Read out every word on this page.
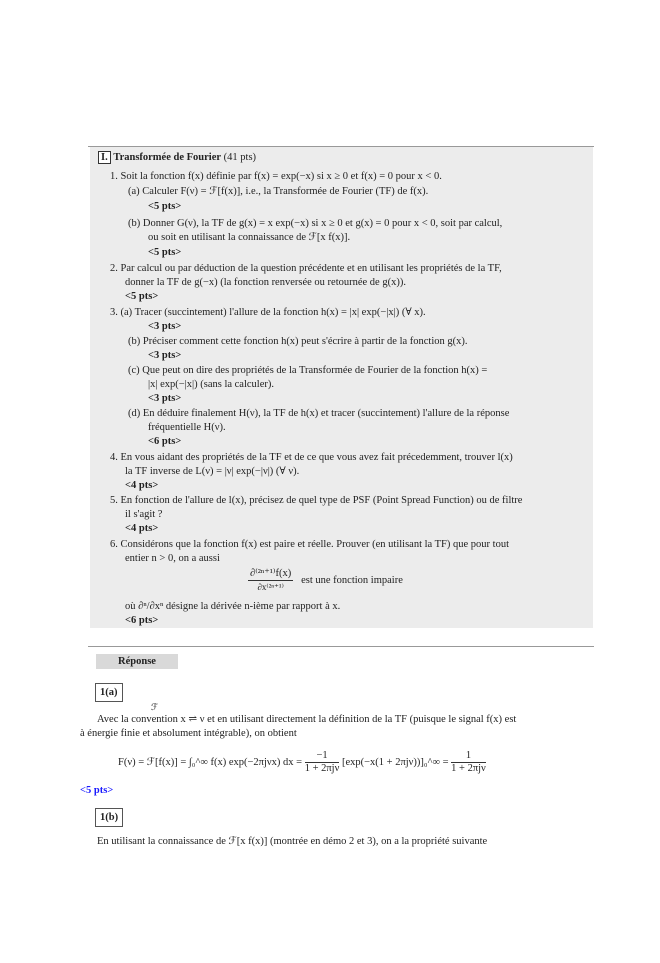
I. Transformée de Fourier (41 pts)
1. Soit la fonction f(x) définie par f(x) = exp(−x) si x ≥ 0 et f(x) = 0 pour x < 0.
(a) Calculer F(ν) = ℱ[f(x)], i.e., la Transformée de Fourier (TF) de f(x).
<5 pts>
(b) Donner G(ν), la TF de g(x) = x exp(−x) si x ≥ 0 et g(x) = 0 pour x < 0, soit par calcul,
ou soit en utilisant la connaissance de ℱ[x f(x)].
<5 pts>
2. Par calcul ou par déduction de la question précédente et en utilisant les propriétés de la TF,
donner la TF de g(−x) (la fonction renversée ou retournée de g(x)).
<5 pts>
3. (a) Tracer (succintement) l'allure de la fonction h(x) = |x| exp(−|x|) (∀ x).
<3 pts>
(b) Préciser comment cette fonction h(x) peut s'écrire à partir de la fonction g(x).
<3 pts>
(c) Que peut on dire des propriétés de la Transformée de Fourier de la fonction h(x) =
|x| exp(−|x|) (sans la calculer).
<3 pts>
(d) En déduire finalement H(ν), la TF de h(x) et tracer (succintement) l'allure de la réponse
fréquentielle H(ν).
<6 pts>
4. En vous aidant des propriétés de la TF et de ce que vous avez fait précedemment, trouver l(x)
la TF inverse de L(ν) = |ν| exp(−|ν|) (∀ ν).
<4 pts>
5. En fonction de l'allure de l(x), précisez de quel type de PSF (Point Spread Function) ou de filtre
il s'agit ?
<4 pts>
6. Considérons que la fonction f(x) est paire et réelle. Prouver (en utilisant la TF) que pour tout
entier n > 0, on a aussi
$\frac{\text{∂⁽²ⁿ⁺¹⁾f(x)}}{\text{∂x⁽²ⁿ⁺¹⁾}}$ est une fonction impaire
où ∂ⁿ/∂xⁿ désigne la dérivée n-ième par rapport à x.
<6 pts>
Réponse
1(a)
ℱ
Avec la convention x ⇌ ν et en utilisant directement la définition de la TF (puisque le signal f(x) est
à énergie finie et absolument intégrable), on obtient
F(ν) = ℱ[f(x)] = ∫₀^∞ f(x) exp(−2πjνx) dx = $\frac{-1}{\text{1 + 2πjν}} [\exp(-x(1$ + 2πjν))]₀^∞ = $\frac{1}{\text{1 + 2πjν}}$
<5 pts>
1(b)
En utilisant la connaissance de ℱ[x f(x)] (montrée en démo 2 et 3), on a la propriété suivante
